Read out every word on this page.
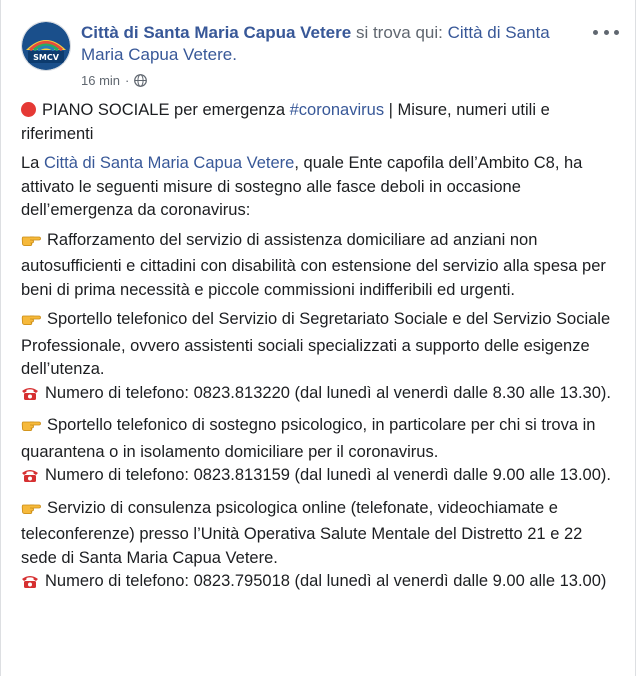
SMCV
Città di Santa Maria Capua Vetere si trova qui: Città di Santa Maria Capua Vetere.
16 min ·

PIANO SOCIALE per emergenza #coronavirus | Misure, numeri utili e riferimenti

La Città di Santa Maria Capua Vetere, quale Ente capofila dell’Ambito C8, ha attivato le seguenti misure di sostegno alle fasce deboli in occasione dell’emergenza da coronavirus:

Rafforzamento del servizio di assistenza domiciliare ad anziani non autosufficienti e cittadini con disabilità con estensione del servizio alla spesa per beni di prima necessità e piccole commissioni indifferibili ed urgenti.

Sportello telefonico del Servizio di Segretariato Sociale e del Servizio Sociale Professionale, ovvero assistenti sociali specializzati a supporto delle esigenze dell’utenza.
Numero di telefono: 0823.813220 (dal lunedì al venerdì dalle 8.30 alle 13.30).

Sportello telefonico di sostegno psicologico, in particolare per chi si trova in quarantena o in isolamento domiciliare per il coronavirus.
Numero di telefono: 0823.813159 (dal lunedì al venerdì dalle 9.00 alle 13.00).

Servizio di consulenza psicologica online (telefonate, videochiamate e teleconferenze) presso l’Unità Operativa Salute Mentale del Distretto 21 e 22 sede di Santa Maria Capua Vetere.
Numero di telefono: 0823.795018 (dal lunedì al venerdì dalle 9.00 alle 13.00)
